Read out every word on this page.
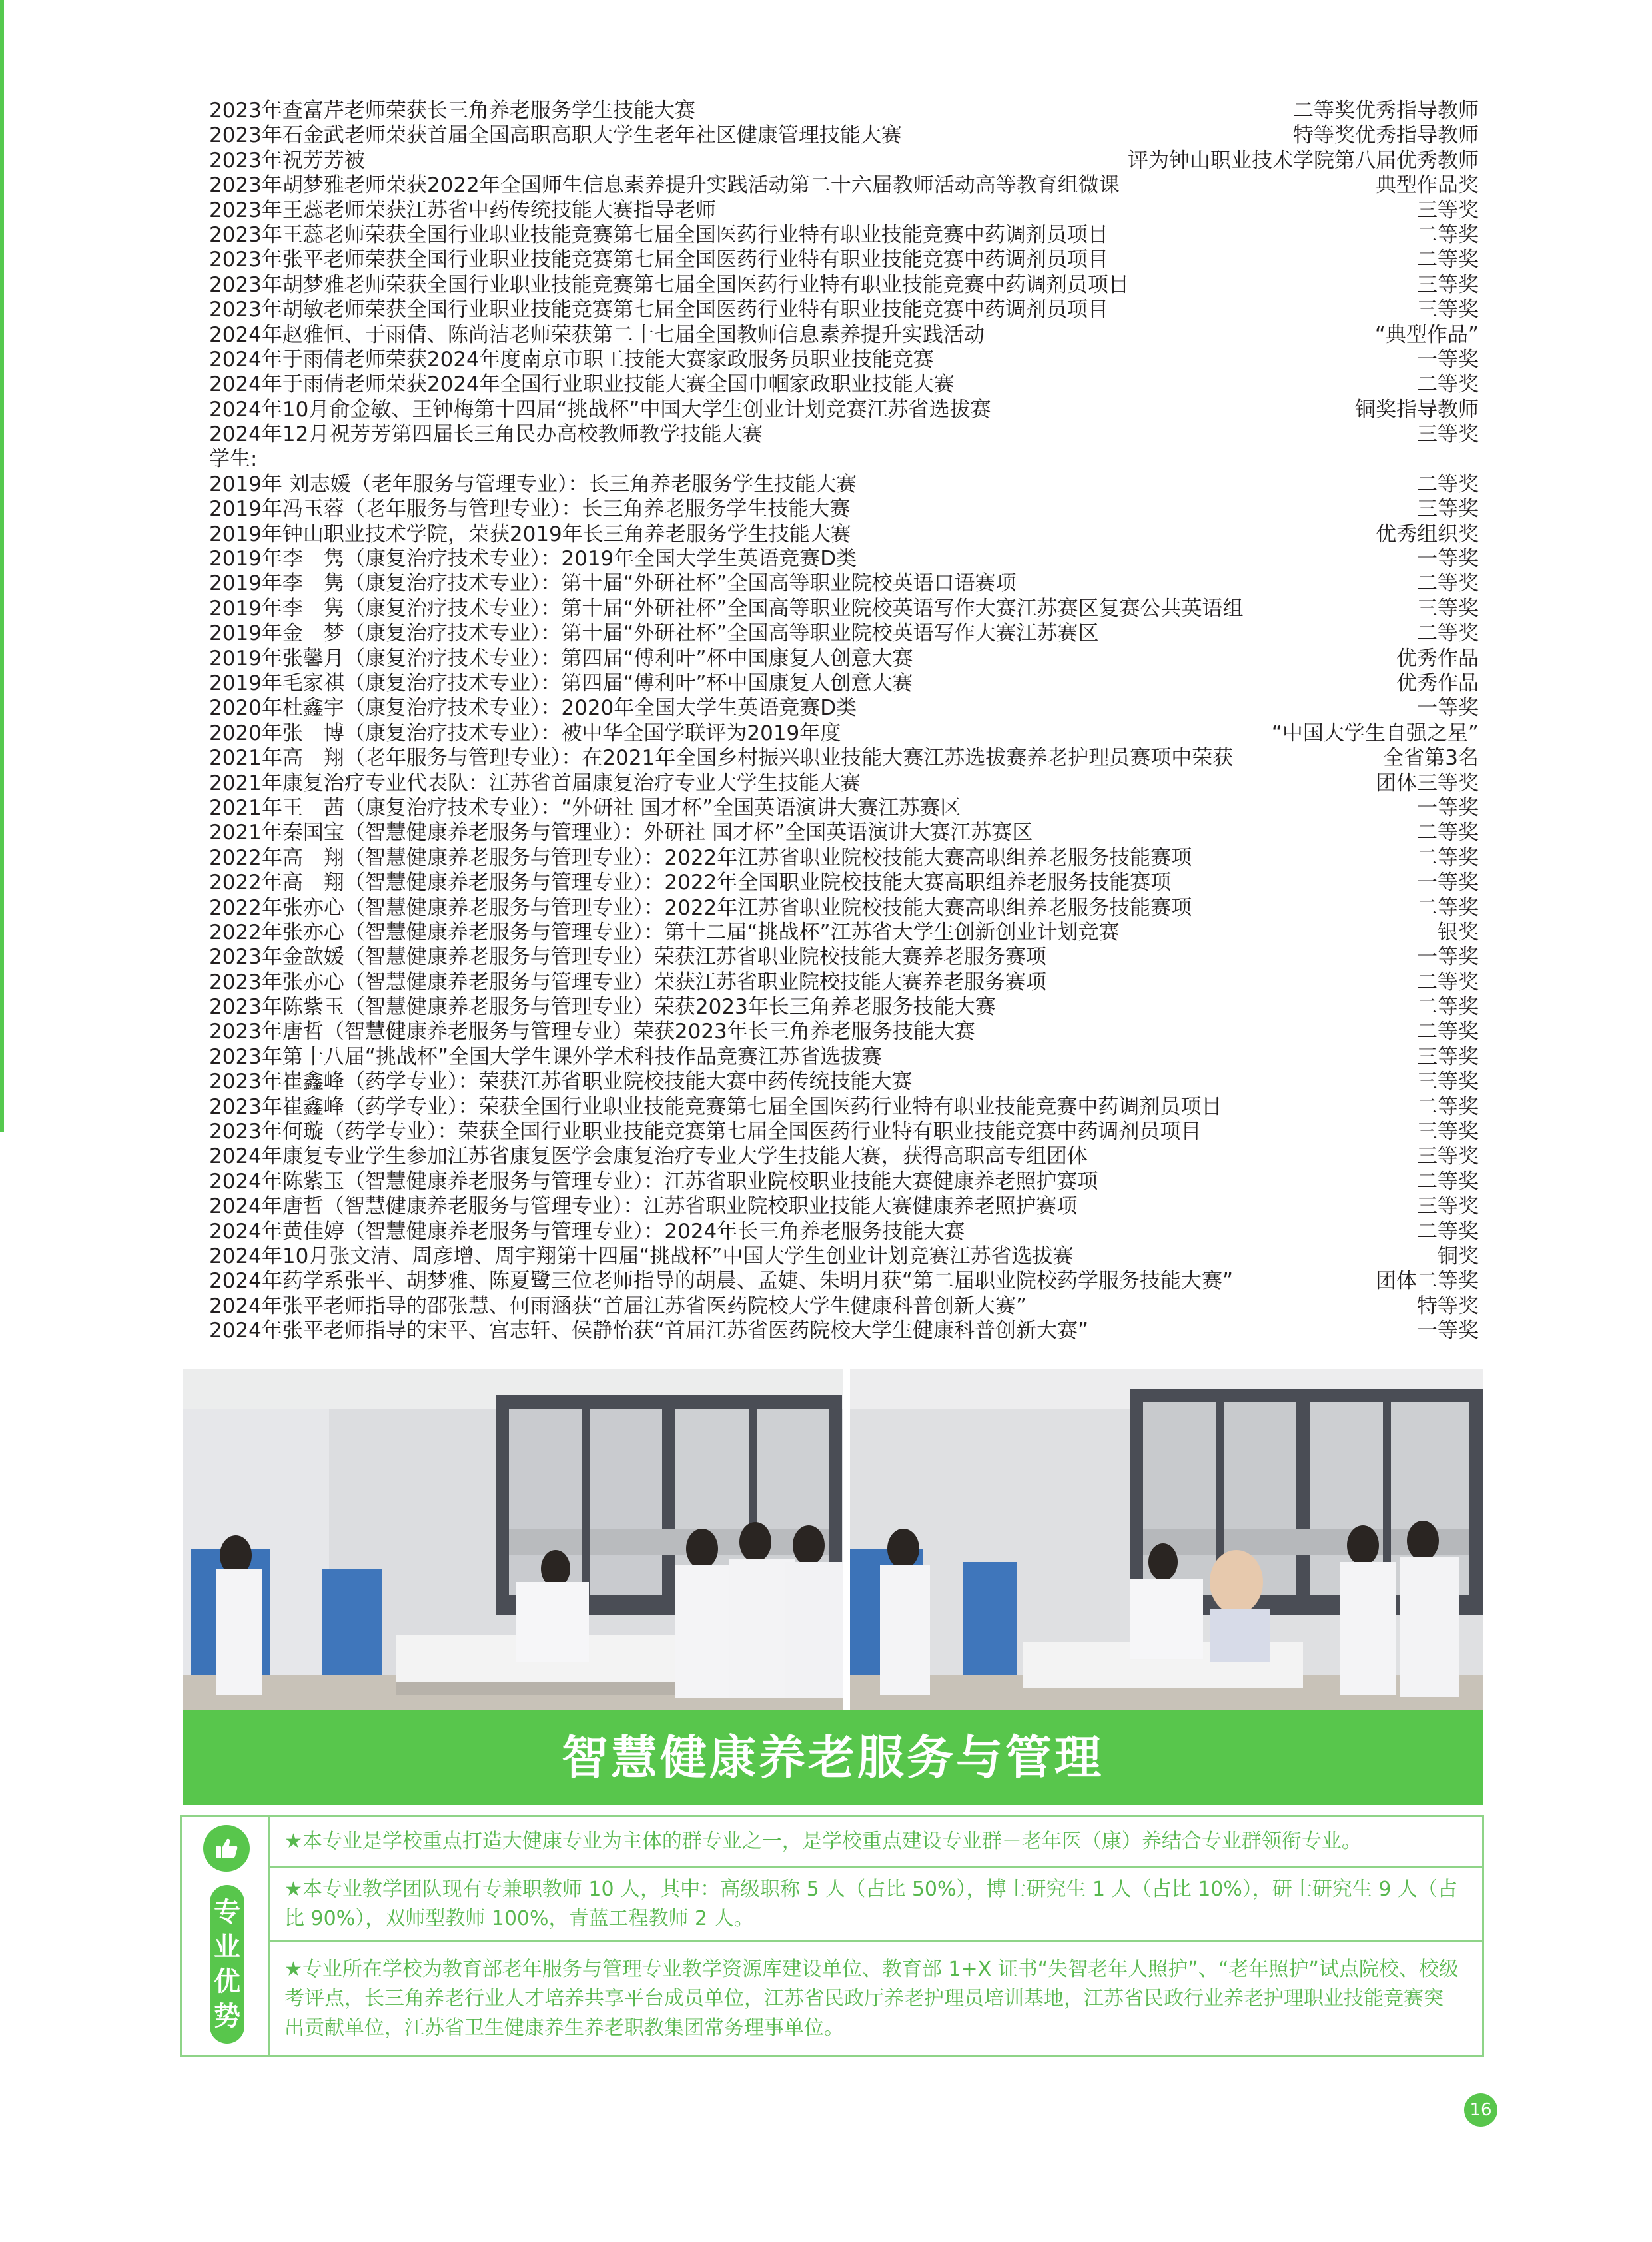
2023年查富芹老师荣获长三角养老服务学生技能大赛	二等奖优秀指导教师
2023年石金武老师荣获首届全国高职高职大学生老年社区健康管理技能大赛	特等奖优秀指导教师
2023年祝芳芳被	评为钟山职业技术学院第八届优秀教师
2023年胡梦雅老师荣获2022年全国师生信息素养提升实践活动第二十六届教师活动高等教育组微课	典型作品奖
2023年王蕊老师荣获江苏省中药传统技能大赛指导老师	三等奖
2023年王蕊老师荣获全国行业职业技能竞赛第七届全国医药行业特有职业技能竞赛中药调剂员项目	二等奖
2023年张平老师荣获全国行业职业技能竞赛第七届全国医药行业特有职业技能竞赛中药调剂员项目	二等奖
2023年胡梦雅老师荣获全国行业职业技能竞赛第七届全国医药行业特有职业技能竞赛中药调剂员项目	三等奖
2023年胡敏老师荣获全国行业职业技能竞赛第七届全国医药行业特有职业技能竞赛中药调剂员项目	三等奖
2024年赵雅恒、于雨倩、陈尚洁老师荣获第二十七届全国教师信息素养提升实践活动	“典型作品”
2024年于雨倩老师荣获2024年度南京市职工技能大赛家政服务员职业技能竞赛	一等奖
2024年于雨倩老师荣获2024年全国行业职业技能大赛全国巾帼家政职业技能大赛	二等奖
2024年10月俞金敏、王钟梅第十四届“挑战杯”中国大学生创业计划竞赛江苏省选拔赛	铜奖指导教师
2024年12月祝芳芳第四届长三角民办高校教师教学技能大赛	三等奖
学生:
2019年 刘志媛（老年服务与管理专业）：长三角养老服务学生技能大赛	二等奖
2019年冯玉蓉（老年服务与管理专业）：长三角养老服务学生技能大赛	三等奖
2019年钟山职业技术学院，荣获2019年长三角养老服务学生技能大赛	优秀组织奖
2019年李　隽（康复治疗技术专业）：2019年全国大学生英语竞赛D类	一等奖
2019年李　隽（康复治疗技术专业）：第十届“外研社杯”全国高等职业院校英语口语赛项	二等奖
2019年李　隽（康复治疗技术专业）：第十届“外研社杯”全国高等职业院校英语写作大赛江苏赛区复赛公共英语组	三等奖
2019年金　梦（康复治疗技术专业）：第十届“外研社杯”全国高等职业院校英语写作大赛江苏赛区	二等奖
2019年张馨月（康复治疗技术专业）：第四届“傅利叶”杯中国康复人创意大赛	优秀作品
2019年毛家祺（康复治疗技术专业）：第四届“傅利叶”杯中国康复人创意大赛	优秀作品
2020年杜鑫宇（康复治疗技术专业）：2020年全国大学生英语竞赛D类	一等奖
2020年张　博（康复治疗技术专业）：被中华全国学联评为2019年度	“中国大学生自强之星”
2021年高　翔（老年服务与管理专业）：在2021年全国乡村振兴职业技能大赛江苏选拔赛养老护理员赛项中荣获	全省第3名
2021年康复治疗专业代表队：江苏省首届康复治疗专业大学生技能大赛	团体三等奖
2021年王　茜（康复治疗技术专业）：“外研社 国才杯”全国英语演讲大赛江苏赛区	一等奖
2021年秦国宝（智慧健康养老服务与管理业）：外研社 国才杯”全国英语演讲大赛江苏赛区	二等奖
2022年高　翔（智慧健康养老服务与管理专业）：2022年江苏省职业院校技能大赛高职组养老服务技能赛项	二等奖
2022年高　翔（智慧健康养老服务与管理专业）：2022年全国职业院校技能大赛高职组养老服务技能赛项	一等奖
2022年张亦心（智慧健康养老服务与管理专业）：2022年江苏省职业院校技能大赛高职组养老服务技能赛项	二等奖
2022年张亦心（智慧健康养老服务与管理专业）：第十二届“挑战杯”江苏省大学生创新创业计划竞赛	银奖
2023年金歆媛（智慧健康养老服务与管理专业）荣获江苏省职业院校技能大赛养老服务赛项	一等奖
2023年张亦心（智慧健康养老服务与管理专业）荣获江苏省职业院校技能大赛养老服务赛项	二等奖
2023年陈紫玉（智慧健康养老服务与管理专业）荣获2023年长三角养老服务技能大赛	二等奖
2023年唐哲（智慧健康养老服务与管理专业）荣获2023年长三角养老服务技能大赛	二等奖
2023年第十八届“挑战杯”全国大学生课外学术科技作品竞赛江苏省选拔赛	三等奖
2023年崔鑫峰（药学专业）：荣获江苏省职业院校技能大赛中药传统技能大赛	三等奖
2023年崔鑫峰（药学专业）：荣获全国行业职业技能竞赛第七届全国医药行业特有职业技能竞赛中药调剂员项目	二等奖
2023年何璇（药学专业）：荣获全国行业职业技能竞赛第七届全国医药行业特有职业技能竞赛中药调剂员项目	三等奖
2024年康复专业学生参加江苏省康复医学会康复治疗专业大学生技能大赛，获得高职高专组团体	三等奖
2024年陈紫玉（智慧健康养老服务与管理专业）：江苏省职业院校职业技能大赛健康养老照护赛项	二等奖
2024年唐哲（智慧健康养老服务与管理专业）：江苏省职业院校职业技能大赛健康养老照护赛项	三等奖
2024年黄佳婷（智慧健康养老服务与管理专业）：2024年长三角养老服务技能大赛	二等奖
2024年10月张文清、周彦增、周宇翔第十四届“挑战杯”中国大学生创业计划竞赛江苏省选拔赛	铜奖
2024年药学系张平、胡梦雅、陈夏鹭三位老师指导的胡晨、孟婕、朱明月获“第二届职业院校药学服务技能大赛”	团体二等奖
2024年张平老师指导的邵张慧、何雨涵获“首届江苏省医药院校大学生健康科普创新大赛”	特等奖
2024年张平老师指导的宋平、宫志轩、侯静怡获“首届江苏省医药院校大学生健康科普创新大赛”	一等奖
智慧健康养老服务与管理
专
业
优
势
★本专业是学校重点打造大健康专业为主体的群专业之一，是学校重点建设专业群－老年医（康）养结合专业群领衔专业。
★本专业教学团队现有专兼职教师 10 人，其中：高级职称 5 人（占比 50%），博士研究生 1 人（占比 10%），研士研究生 9 人（占比 90%），双师型教师 100%，青蓝工程教师 2 人。
★专业所在学校为教育部老年服务与管理专业教学资源库建设单位、教育部 1+X 证书“失智老年人照护”、“老年照护”试点院校、校级考评点，长三角养老行业人才培养共享平台成员单位，江苏省民政厅养老护理员培训基地，江苏省民政行业养老护理职业技能竞赛突出贡献单位，江苏省卫生健康养生养老职教集团常务理事单位。
16
